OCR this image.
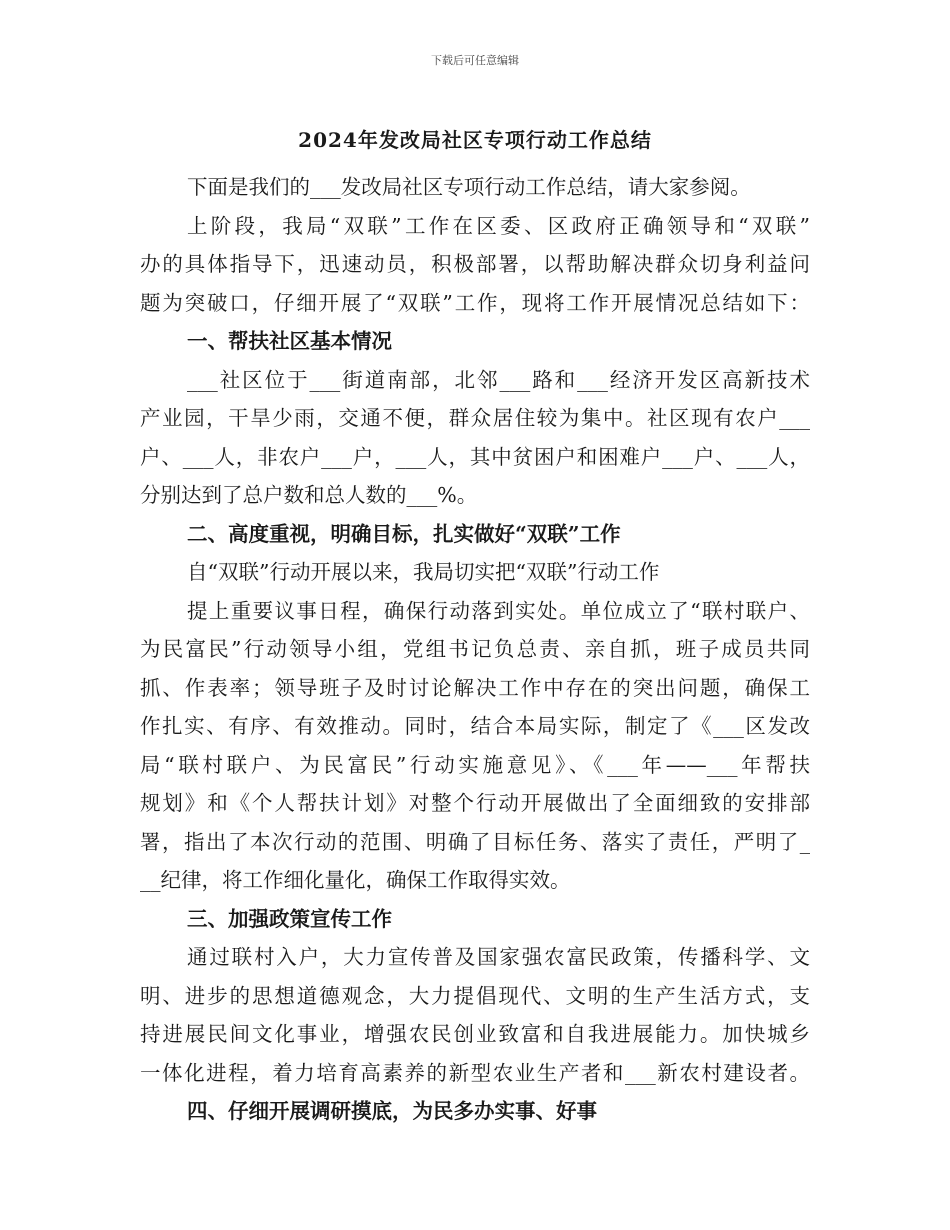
下载后可任意编辑
2024年发改局社区专项行动工作总结
下面是我们的___发改局社区专项行动工作总结，请大家参阅。
上阶段，我局“双联”工作在区委、区政府正确领导和“双联”
办的具体指导下，迅速动员，积极部署，以帮助解决群众切身利益问
题为突破口，仔细开展了“双联”工作，现将工作开展情况总结如下：
一、帮扶社区基本情况
___社区位于___街道南部，北邻___路和___经济开发区高新技术
产业园，干旱少雨，交通不便，群众居住较为集中。社区现有农户___
户、___人，非农户___户，___人，其中贫困户和困难户___户、___人，
分别达到了总户数和总人数的___%。
二、高度重视，明确目标，扎实做好“双联”工作
自“双联”行动开展以来，我局切实把“双联”行动工作
提上重要议事日程，确保行动落到实处。单位成立了“联村联户、
为民富民”行动领导小组，党组书记负总责、亲自抓，班子成员共同
抓、作表率；领导班子及时讨论解决工作中存在的突出问题，确保工
作扎实、有序、有效推动。同时，结合本局实际，制定了《___区发改
局“联村联户、为民富民”行动实施意见》、《___年——___年帮扶
规划》和《个人帮扶计划》对整个行动开展做出了全面细致的安排部
署，指出了本次行动的范围、明确了目标任务、落实了责任，严明了_
__纪律，将工作细化量化，确保工作取得实效。
三、加强政策宣传工作
通过联村入户，大力宣传普及国家强农富民政策，传播科学、文
明、进步的思想道德观念，大力提倡现代、文明的生产生活方式，支
持进展民间文化事业，增强农民创业致富和自我进展能力。加快城乡
一体化进程，着力培育高素养的新型农业生产者和___新农村建设者。
四、仔细开展调研摸底，为民多办实事、好事
